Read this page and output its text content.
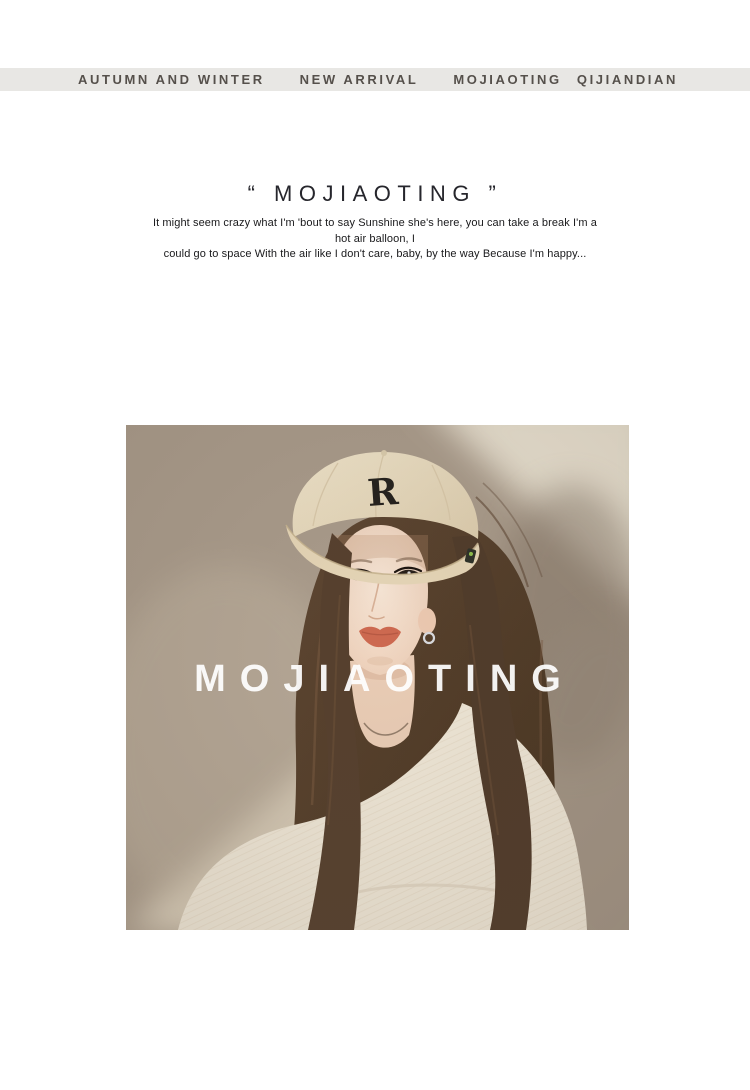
AUTUMN AND WINTER	NEW ARRIVAL	MOJIAOTING QIJIANDIAN
“ MOJIAOTING ”
It might seem crazy what I'm 'bout to say Sunshine she's here, you can take a break I'm a
hot air balloon, I
could go to space With the air like I don't care, baby, by the way Because I'm happy...
MOJIAOTING
